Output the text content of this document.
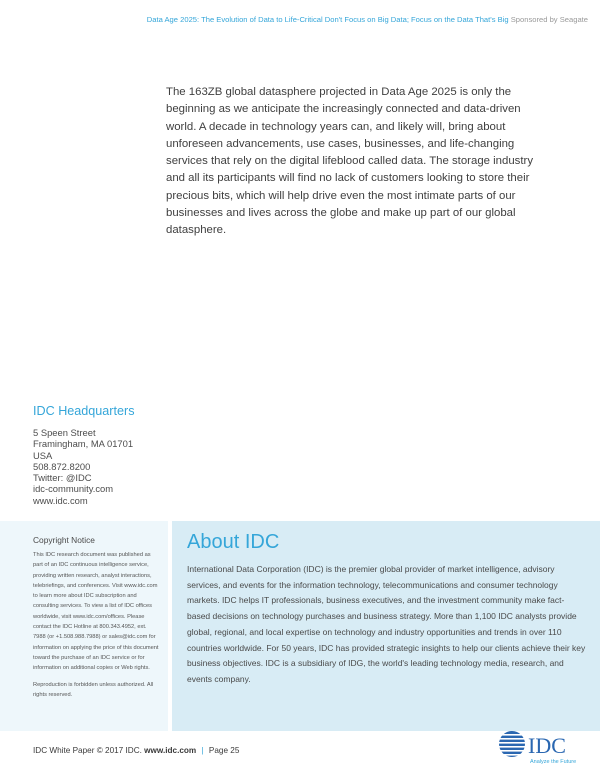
Data Age 2025: The Evolution of Data to Life-Critical Don't Focus on Big Data; Focus on the Data That's Big Sponsored by Seagate

The 163ZB global datasphere projected in Data Age 2025 is only the beginning as we anticipate the increasingly connected and data-driven world. A decade in technology years can, and likely will, bring about unforeseen advancements, use cases, businesses, and life-changing services that rely on the digital lifeblood called data. The storage industry and all its participants will find no lack of customers looking to store their precious bits, which will help drive even the most intimate parts of our businesses and lives across the globe and make up part of our global datasphere.

IDC Headquarters
5 Speen Street
Framingham, MA 01701
USA
508.872.8200
Twitter: @IDC
idc-community.com
www.idc.com
Copyright Notice

This IDC research document was published as part of an IDC continuous intelligence service, providing written research, analyst interactions, telebriefings, and conferences. Visit www.idc.com to learn more about IDC subscription and consulting services. To view a list of IDC offices worldwide, visit www.idc.com/offices. Please contact the IDC Hotline at 800.343.4952, ext. 7988 (or +1.508.988.7988) or sales@idc.com for information on applying the price of this document toward the purchase of an IDC service or for information on additional copies or Web rights.

Reproduction is forbidden unless authorized. All rights reserved.

About IDC

International Data Corporation (IDC) is the premier global provider of market intelligence, advisory services, and events for the information technology, telecommunications and consumer technology markets. IDC helps IT professionals, business executives, and the investment community make fact-based decisions on technology purchases and business strategy. More than 1,100 IDC analysts provide global, regional, and local expertise on technology and industry opportunities and trends in over 110 countries worldwide. For 50 years, IDC has provided strategic insights to help our clients achieve their key business objectives. IDC is a subsidiary of IDG, the world's leading technology media, research, and events company.

IDC White Paper © 2017 IDC. www.idc.com | Page 25	IDC
Analyze the Future
